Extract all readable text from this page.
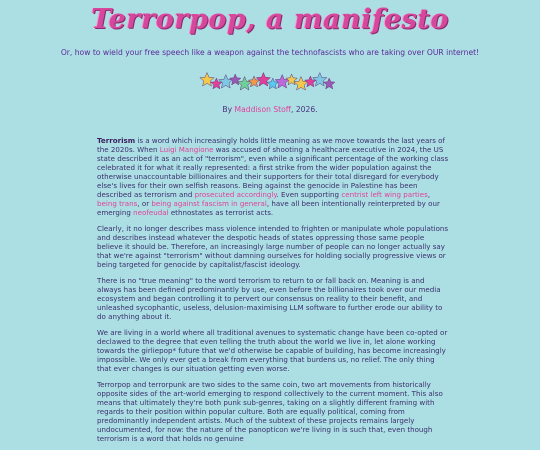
Terrorpop, a manifesto
Or, how to wield your free speech like a weapon against the technofascists who are taking over OUR internet!
By Maddison Stoff, 2026.

Terrorism is a word which increasingly holds little meaning as we move towards the last years of the 2020s. When Luigi Mangione was accused of shooting a healthcare executive in 2024, the US state described it as an act of "terrorism", even while a significant percentage of the working class celebrated it for what it really represented: a first strike from the wider population against the otherwise unaccountable billionaires and their supporters for their total disregard for everybody else's lives for their own selfish reasons. Being against the genocide in Palestine has been described as terrorism and prosecuted accordingly. Even supporting centrist left wing parties, being trans, or being against fascism in general, have all been intentionally reinterpreted by our emerging neofeudal ethnostates as terrorist acts.

Clearly, it no longer describes mass violence intended to frighten or manipulate whole populations and describes instead whatever the despotic heads of states oppressing those same people believe it should be. Therefore, an increasingly large number of people can no longer actually say that we're against "terrorism" without damning ourselves for holding socially progressive views or being targeted for genocide by capitalist/fascist ideology.

There is no "true meaning" to the word terrorism to return to or fall back on. Meaning is and always has been defined predominantly by use, even before the billionaires took over our media ecosystem and began controlling it to pervert our consensus on reality to their benefit, and unleashed sycophantic, useless, delusion-maximising LLM software to further erode our ability to do anything about it.

We are living in a world where all traditional avenues to systematic change have been co-opted or declawed to the degree that even telling the truth about the world we live in, let alone working towards the girliepop* future that we'd otherwise be capable of building, has become increasingly impossible. We only ever get a break from everything that burdens us, no relief. The only thing that ever changes is our situation getting even worse.

Terrorpop and terrorpunk are two sides to the same coin, two art movements from historically opposite sides of the art-world emerging to respond collectively to the current moment. This also means that ultimately they're both punk sub-genres, taking on a slightly different framing with regards to their position within popular culture. Both are equally political, coming from predominantly independent artists. Much of the subtext of these projects remains largely undocumented, for now: the nature of the panopticon we're living in is such that, even though terrorism is a word that holds no genuine
